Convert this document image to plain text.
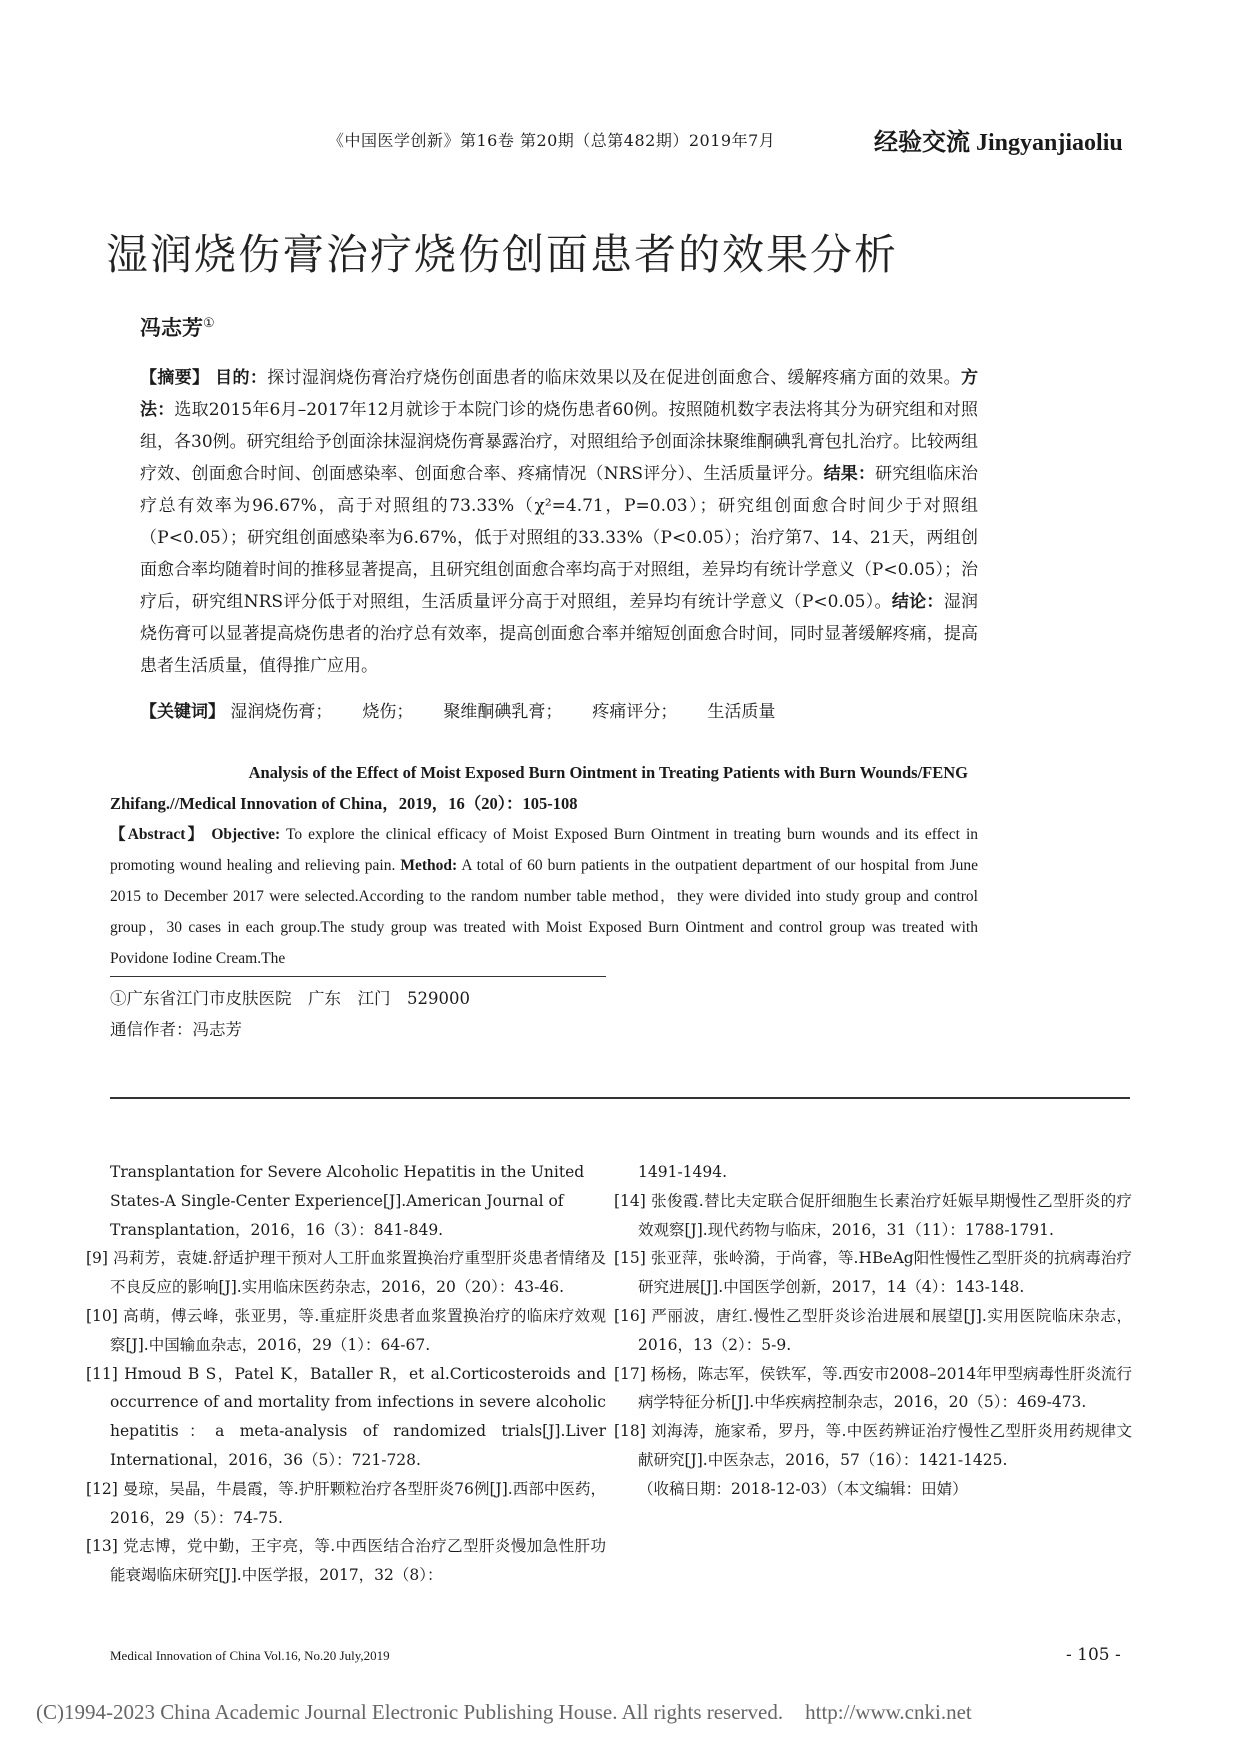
《中国医学创新》第16卷 第20期（总第482期）2019年7月	经验交流 Jingyanjiaoliu
湿润烧伤膏治疗烧伤创面患者的效果分析
冯志芳①

【摘要】 目的：探讨湿润烧伤膏治疗烧伤创面患者的临床效果以及在促进创面愈合、缓解疼痛方面的效果。方法：选取2015年6月–2017年12月就诊于本院门诊的烧伤患者60例。按照随机数字表法将其分为研究组和对照组，各30例。研究组给予创面涂抹湿润烧伤膏暴露治疗，对照组给予创面涂抹聚维酮碘乳膏包扎治疗。比较两组疗效、创面愈合时间、创面感染率、创面愈合率、疼痛情况（NRS评分）、生活质量评分。结果：研究组临床治疗总有效率为96.67%，高于对照组的73.33%（χ²=4.71，P=0.03）；研究组创面愈合时间少于对照组（P<0.05）；研究组创面感染率为6.67%，低于对照组的33.33%（P<0.05）；治疗第7、14、21天，两组创面愈合率均随着时间的推移显著提高，且研究组创面愈合率均高于对照组，差异均有统计学意义（P<0.05）；治疗后，研究组NRS评分低于对照组，生活质量评分高于对照组，差异均有统计学意义（P<0.05）。结论：湿润烧伤膏可以显著提高烧伤患者的治疗总有效率，提高创面愈合率并缩短创面愈合时间，同时显著缓解疼痛，提高患者生活质量，值得推广应用。

【关键词】 湿润烧伤膏； 烧伤； 聚维酮碘乳膏； 疼痛评分； 生活质量
Analysis of the Effect of Moist Exposed Burn Ointment in Treating Patients with Burn Wounds/FENG
Zhifang.//Medical Innovation of China，2019，16（20）：105-108
【Abstract】 Objective: To explore the clinical efficacy of Moist Exposed Burn Ointment in treating burn wounds and its effect in promoting wound healing and relieving pain. Method: A total of 60 burn patients in the outpatient department of our hospital from June 2015 to December 2017 were selected.According to the random number table method，they were divided into study group and control group，30 cases in each group.The study group was treated with Moist Exposed Burn Ointment and control group was treated with Povidone Iodine Cream.The
①广东省江门市皮肤医院　广东　江门　529000
通信作者：冯志芳
Transplantation for Severe Alcoholic Hepatitis in the United
States-A Single-Center Experience[J].American Journal of
Transplantation，2016，16（3）：841-849.
[9] 冯莉芳，袁婕.舒适护理干预对人工肝血浆置换治疗重型肝炎患者情绪及不良反应的影响[J].实用临床医药杂志，2016，20（20）：43-46.
[10] 高萌，傅云峰，张亚男，等.重症肝炎患者血浆置换治疗的临床疗效观察[J].中国输血杂志，2016，29（1）：64-67.
[11] Hmoud B S，Patel K，Bataller R，et al.Corticosteroids and occurrence of and mortality from infections in severe alcoholic hepatitis：a meta-analysis of randomized trials[J].Liver International，2016，36（5）：721-728.
[12] 曼琼，吴晶，牛晨霞，等.护肝颗粒治疗各型肝炎76例[J].西部中医药，2016，29（5）：74-75.
[13] 党志博，党中勤，王宇亮，等.中西医结合治疗乙型肝炎慢加急性肝功能衰竭临床研究[J].中医学报，2017，32（8）：
1491-1494.
[14] 张俊霞.替比夫定联合促肝细胞生长素治疗妊娠早期慢性乙型肝炎的疗效观察[J].现代药物与临床，2016，31（11）：1788-1791.
[15] 张亚萍，张岭漪，于尚睿，等.HBeAg阳性慢性乙型肝炎的抗病毒治疗研究进展[J].中国医学创新，2017，14（4）：143-148.
[16] 严丽波，唐红.慢性乙型肝炎诊治进展和展望[J].实用医院临床杂志，2016，13（2）：5-9.
[17] 杨杨，陈志军，侯铁军，等.西安市2008–2014年甲型病毒性肝炎流行病学特征分析[J].中华疾病控制杂志，2016，20（5）：469-473.
[18] 刘海涛，施家希，罗丹，等.中医药辨证治疗慢性乙型肝炎用药规律文献研究[J].中医杂志，2016，57（16）：1421-1425.
（收稿日期：2018-12-03）（本文编辑：田婧）
Medical Innovation of China Vol.16, No.20 July,2019	- 105 -
(C)1994-2023 China Academic Journal Electronic Publishing House. All rights reserved. http://www.cnki.net
